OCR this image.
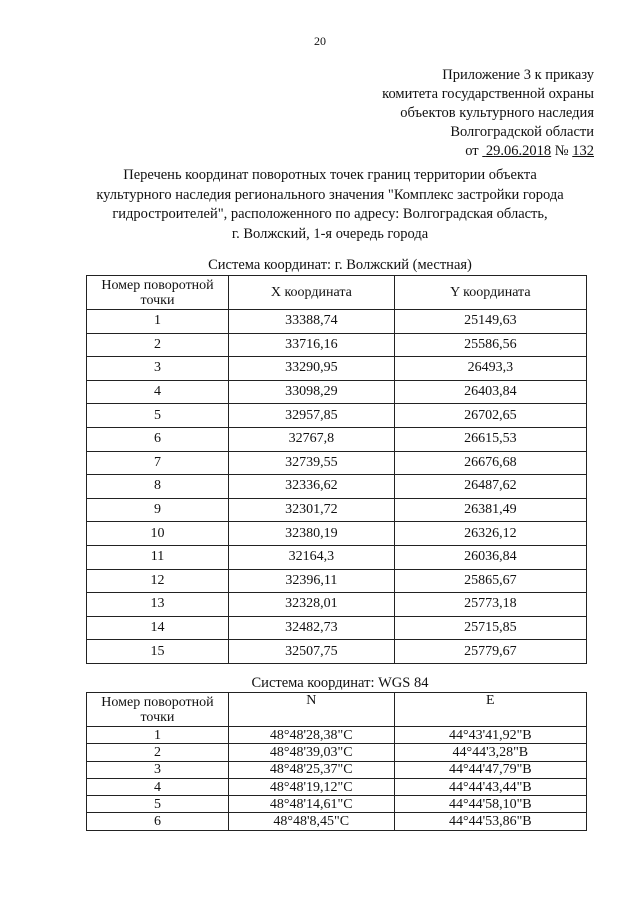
20
Приложение 3 к приказу
комитета государственной охраны
объектов культурного наследия
Волгоградской области
от 29.06.2018 № 132
Перечень координат поворотных точек границ территории объекта
культурного наследия регионального значения "Комплекс застройки города
гидростроителей", расположенного по адресу: Волгоградская область,
г. Волжский, 1-я очередь города
Система координат: г. Волжский (местная)
Номер поворотной точки	X координата	Y координата
1	33388,74	25149,63
2	33716,16	25586,56
3	33290,95	26493,3
4	33098,29	26403,84
5	32957,85	26702,65
6	32767,8	26615,53
7	32739,55	26676,68
8	32336,62	26487,62
9	32301,72	26381,49
10	32380,19	26326,12
11	32164,3	26036,84
12	32396,11	25865,67
13	32328,01	25773,18
14	32482,73	25715,85
15	32507,75	25779,67
Система координат: WGS 84
Номер поворотной точки	N	E
1	48°48'28,38"С	44°43'41,92"В
2	48°48'39,03"С	44°44'3,28"В
3	48°48'25,37"С	44°44'47,79"В
4	48°48'19,12"С	44°44'43,44"В
5	48°48'14,61"С	44°44'58,10"В
6	48°48'8,45"С	44°44'53,86"В
